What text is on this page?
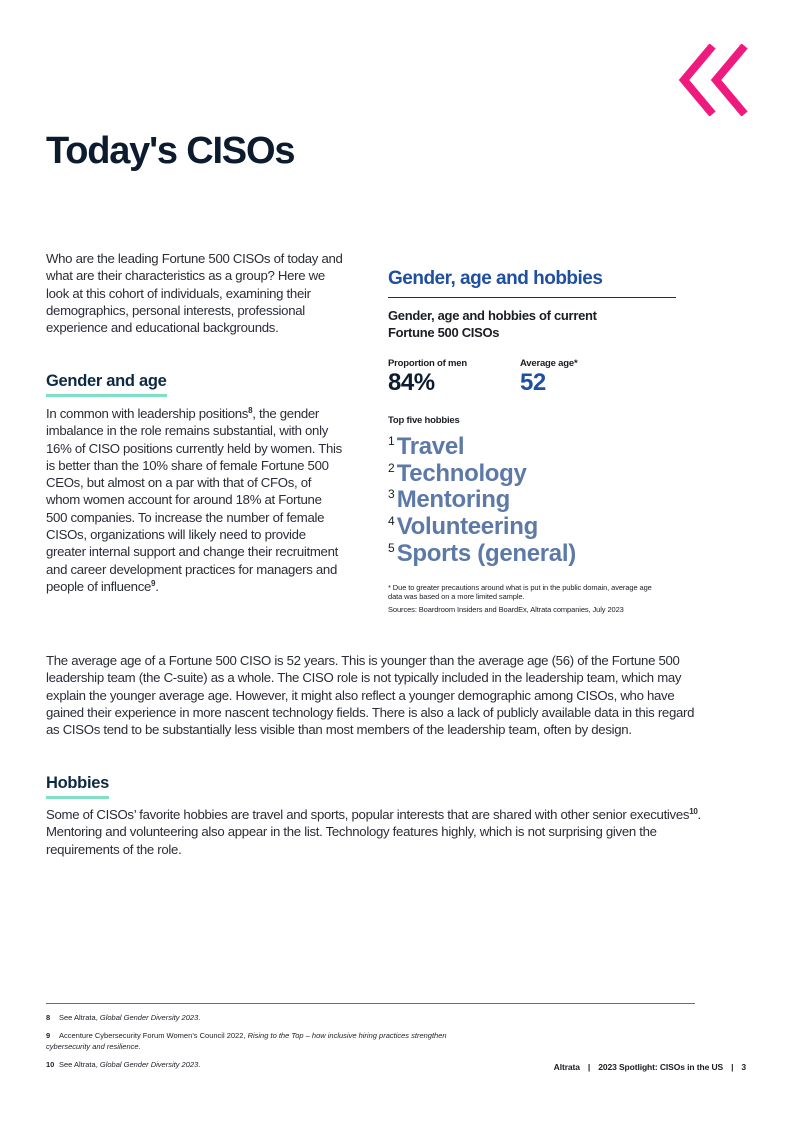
Today's CISOs

Who are the leading Fortune 500 CISOs of today and what are their characteristics as a group? Here we look at this cohort of individuals, examining their demographics, personal interests, professional experience and educational backgrounds.

Gender and age

In common with leadership positions$^8$, the gender imbalance in the role remains substantial, with only 16% of CISO positions currently held by women. This is better than the 10% share of female Fortune 500 CEOs, but almost on a par with that of CFOs, of whom women account for around 18% at Fortune 500 companies. To increase the number of female CISOs, organizations will likely need to provide greater internal support and change their recruitment and career development practices for managers and people of influence$^9$.

Gender, age and hobbies

Gender, age and hobbies of current Fortune 500 CISOs

Proportion of men
84%
Average age*
52
Top five hobbies
$^1$Travel
$^2$Technology
$^3$Mentoring
$^4$Volunteering
$^5$Sports (general)

* Due to greater precautions around what is put in the public domain, average age data was based on a more limited sample.

Sources: Boardroom Insiders and BoardEx, Altrata companies, July 2023

The average age of a Fortune 500 CISO is 52 years. This is younger than the average age (56) of the Fortune 500 leadership team (the C-suite) as a whole. The CISO role is not typically included in the leadership team, which may explain the younger average age. However, it might also reflect a younger demographic among CISOs, who have gained their experience in more nascent technology fields. There is also a lack of publicly available data in this regard as CISOs tend to be substantially less visible than most members of the leadership team, often by design.

Hobbies

Some of CISOs’ favorite hobbies are travel and sports, popular interests that are shared with other senior executives$^{10}$. Mentoring and volunteering also appear in the list. Technology features highly, which is not surprising given the requirements of the role.

8 See Altrata, Global Gender Diversity 2023.

9 Accenture Cybersecurity Forum Women’s Council 2022, Rising to the Top – how inclusive hiring practices strengthen cybersecurity and resilience.

10 See Altrata, Global Gender Diversity 2023.	Altrata | 2023 Spotlight: CISOs in the US | 3
